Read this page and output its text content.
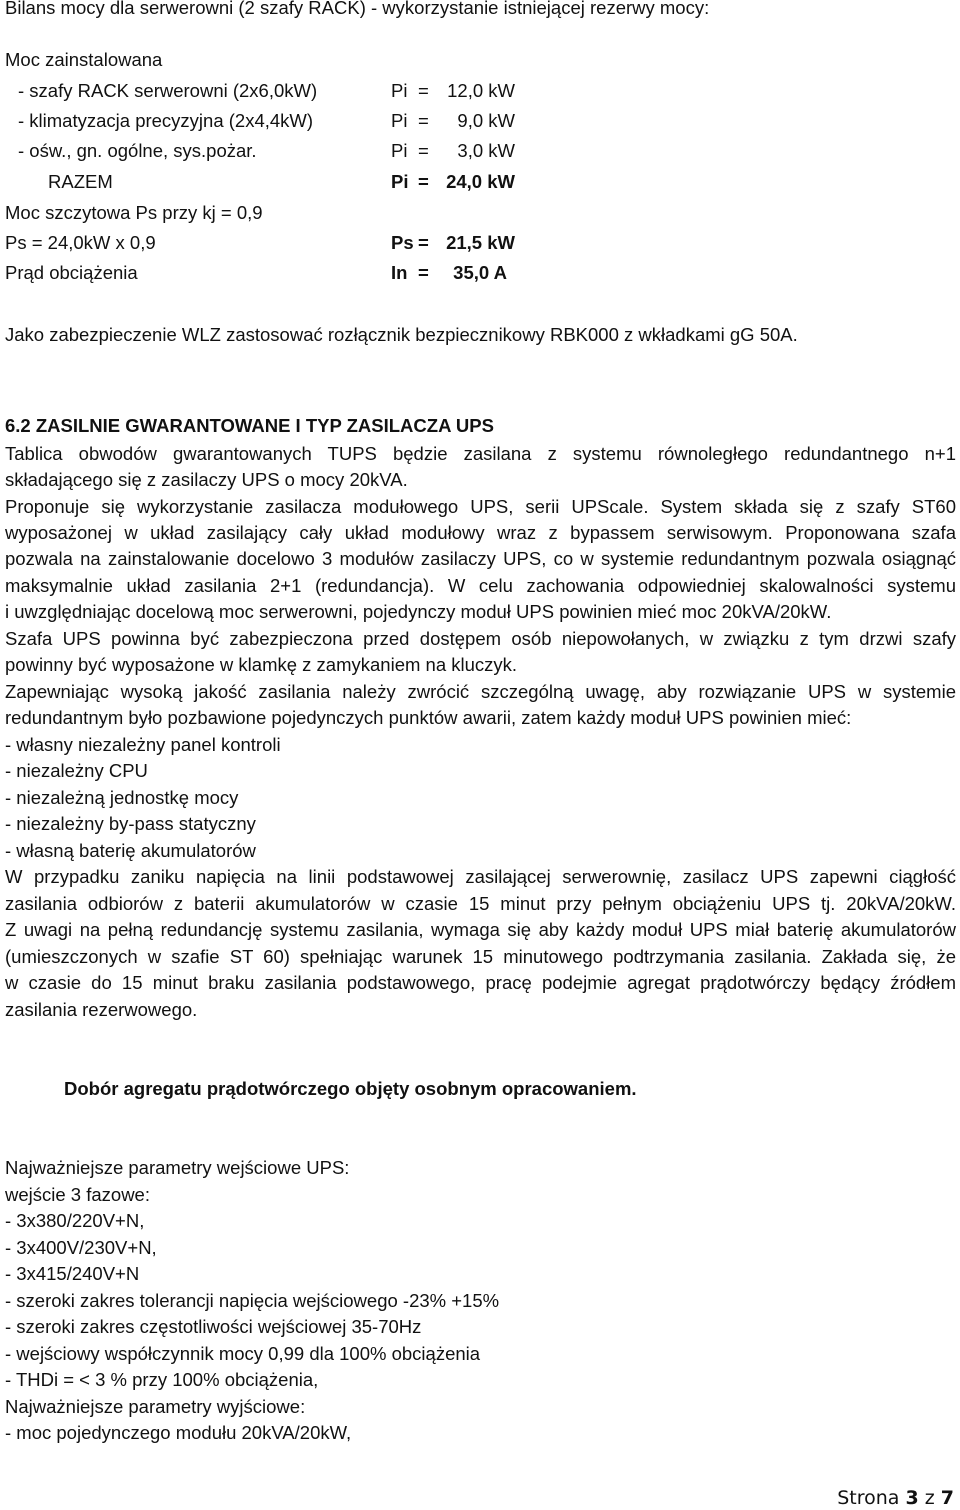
Bilans mocy dla serwerowni (2 szafy RACK) - wykorzystanie istniejącej rezerwy mocy:
Moc zainstalowana
- szafy RACK serwerowni (2x6,0kW)	Pi = 12,0 kW
- klimatyzacja precyzyjna (2x4,4kW)	Pi = 9,0 kW
- ośw., gn. ogólne, sys.pożar.	Pi = 3,0 kW
RAZEM	Pi = 24,0 kW
Moc szczytowa Ps przy kj = 0,9
Ps = 24,0kW x 0,9	Ps = 21,5 kW
Prąd obciążenia	In = 35,0 A
Jako zabezpieczenie WLZ zastosować rozłącznik bezpiecznikowy RBK000 z wkładkami gG 50A.
6.2 ZASILNIE GWARANTOWANE I TYP ZASILACZA UPS
Tablica obwodów gwarantowanych TUPS będzie zasilana z systemu równoległego redundantnego n+1
składającego się z zasilaczy UPS o mocy 20kVA.
Proponuje się wykorzystanie zasilacza modułowego UPS, serii UPScale. System składa się z szafy ST60
wyposażonej w układ zasilający cały układ modułowy wraz z bypassem serwisowym. Proponowana szafa
pozwala na zainstalowanie docelowo 3 modułów zasilaczy UPS, co w systemie redundantnym pozwala osiągnąć
maksymalnie układ zasilania 2+1 (redundancja). W celu zachowania odpowiedniej skalowalności systemu
i uwzględniając docelową moc serwerowni, pojedynczy moduł UPS powinien mieć moc 20kVA/20kW.
Szafa UPS powinna być zabezpieczona przed dostępem osób niepowołanych, w związku z tym drzwi szafy
powinny być wyposażone w klamkę z zamykaniem na kluczyk.
Zapewniając wysoką jakość zasilania należy zwrócić szczególną uwagę, aby rozwiązanie UPS w systemie
redundantnym było pozbawione pojedynczych punktów awarii, zatem każdy moduł UPS powinien mieć:
- własny niezależny panel kontroli
- niezależny CPU
- niezależną jednostkę mocy
- niezależny by-pass statyczny
- własną baterię akumulatorów
W przypadku zaniku napięcia na linii podstawowej zasilającej serwerownię, zasilacz UPS zapewni ciągłość
zasilania odbiorów z baterii akumulatorów w czasie 15 minut przy pełnym obciążeniu UPS tj. 20kVA/20kW.
Z uwagi na pełną redundancję systemu zasilania, wymaga się aby każdy moduł UPS miał baterię akumulatorów
(umieszczonych w szafie ST 60) spełniając warunek 15 minutowego podtrzymania zasilania. Zakłada się, że
w czasie do 15 minut braku zasilania podstawowego, pracę podejmie agregat prądotwórczy będący źródłem
zasilania rezerwowego.
Dobór agregatu prądotwórczego objęty osobnym opracowaniem.
Najważniejsze parametry wejściowe UPS:
wejście 3 fazowe:
- 3x380/220V+N,
- 3x400V/230V+N,
- 3x415/240V+N
- szeroki zakres tolerancji napięcia wejściowego -23% +15%
- szeroki zakres częstotliwości wejściowej 35-70Hz
- wejściowy współczynnik mocy 0,99 dla 100% obciążenia
- THDi = < 3 % przy 100% obciążenia,
Najważniejsze parametry wyjściowe:
- moc pojedynczego modułu 20kVA/20kW,
Strona 3 z 7
